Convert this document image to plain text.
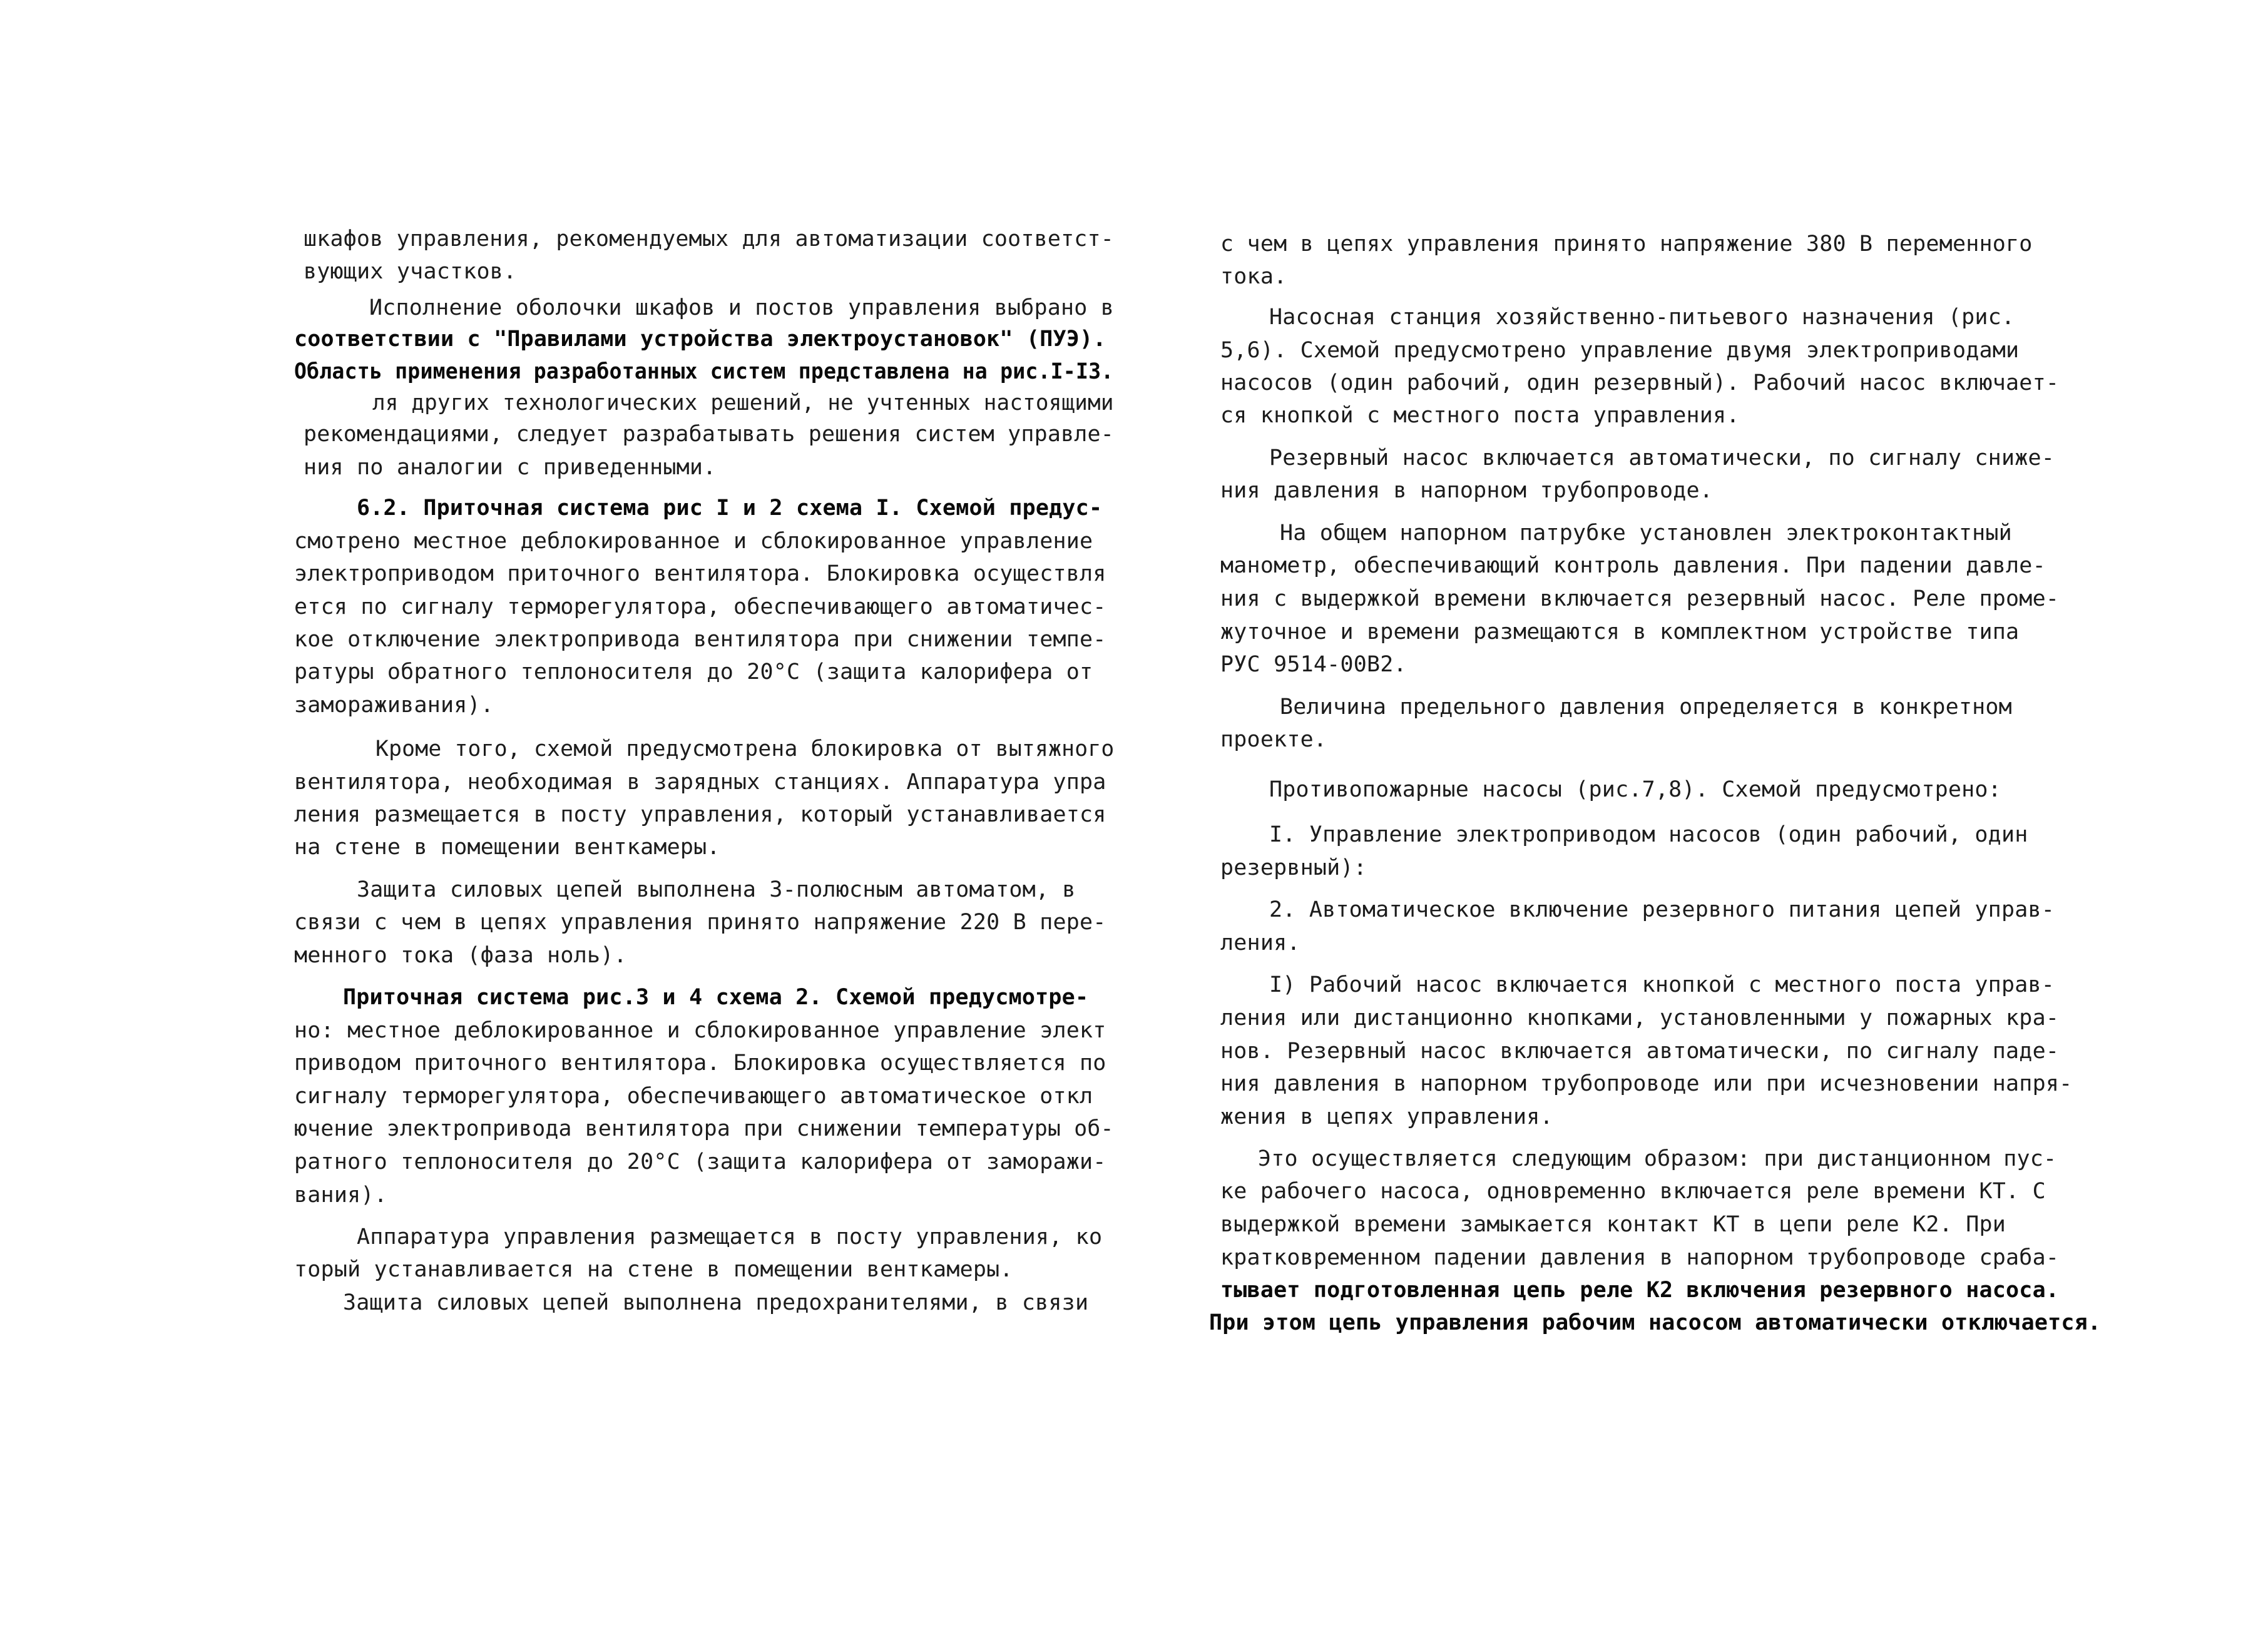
шкафов управления, рекомендуемых для автоматизации соответст-
вующих участков.
Исполнение оболочки шкафов и постов управления выбрано в
соответствии с "Правилами устройства электроустановок" (ПУЭ).
Область применения разработанных систем представлена на рис.I-I3.
ля других технологических решений, не учтенных настоящими
рекомендациями, следует разрабатывать решения систем управле-
ния по аналогии с приведенными.
6.2. Приточная система рис I и 2 схема I. Схемой предус-
смотрено местное деблокированное и сблокированное управление
электроприводом приточного вентилятора. Блокировка осуществля
ется по сигналу терморегулятора, обеспечивающего автоматичес-
кое отключение электропривода вентилятора при снижении темпе-
ратуры обратного теплоносителя до 20°C (защита калорифера от
замораживания).
Кроме того, схемой предусмотрена блокировка от вытяжного
вентилятора, необходимая в зарядных станциях. Аппаратура упра
ления размещается в посту управления, который устанавливается
на стене в помещении венткамеры.
Защита силовых цепей выполнена 3-полюсным автоматом, в
связи с чем в цепях управления принято напряжение 220 В пере-
менного тока (фаза ноль).
Приточная система рис.3 и 4 схема 2. Схемой предусмотре-
но: местное деблокированное и сблокированное управление элект
приводом приточного вентилятора. Блокировка осуществляется по
сигналу терморегулятора, обеспечивающего автоматическое откл
ючение электропривода вентилятора при снижении температуры об-
ратного теплоносителя до 20°C (защита калорифера от заморажи-
вания).
Аппаратура управления размещается в посту управления, ко
торый устанавливается на стене в помещении венткамеры.
Защита силовых цепей выполнена предохранителями, в связи
с чем в цепях управления принято напряжение 380 В переменного
тока.
Насосная станция хозяйственно-питьевого назначения (рис.
5,6). Схемой предусмотрено управление двумя электроприводами
насосов (один рабочий, один резервный). Рабочий насос включает-
ся кнопкой с местного поста управления.
Резервный насос включается автоматически, по сигналу сниже-
ния давления в напорном трубопроводе.
На общем напорном патрубке установлен электроконтактный
манометр, обеспечивающий контроль давления. При падении давле-
ния с выдержкой времени включается резервный насос. Реле проме-
жуточное и времени размещаются в комплектном устройстве типа
РУС 9514-00В2.
Величина предельного давления определяется в конкретном
проекте.
Противопожарные насосы (рис.7,8). Схемой предусмотрено:
I. Управление электроприводом насосов (один рабочий, один
резервный):
2. Автоматическое включение резервного питания цепей управ-
ления.
I) Рабочий насос включается кнопкой с местного поста управ-
ления или дистанционно кнопками, установленными у пожарных кра-
нов. Резервный насос включается автоматически, по сигналу паде-
ния давления в напорном трубопроводе или при исчезновении напря-
жения в цепях управления.
Это осуществляется следующим образом: при дистанционном пус-
ке рабочего насоса, одновременно включается реле времени КТ. С
выдержкой времени замыкается контакт КТ в цепи реле К2. При
кратковременном падении давления в напорном трубопроводе сраба-
тывает подготовленная цепь реле К2 включения резервного насоса.
При этом цепь управления рабочим насосом автоматически отключается.
